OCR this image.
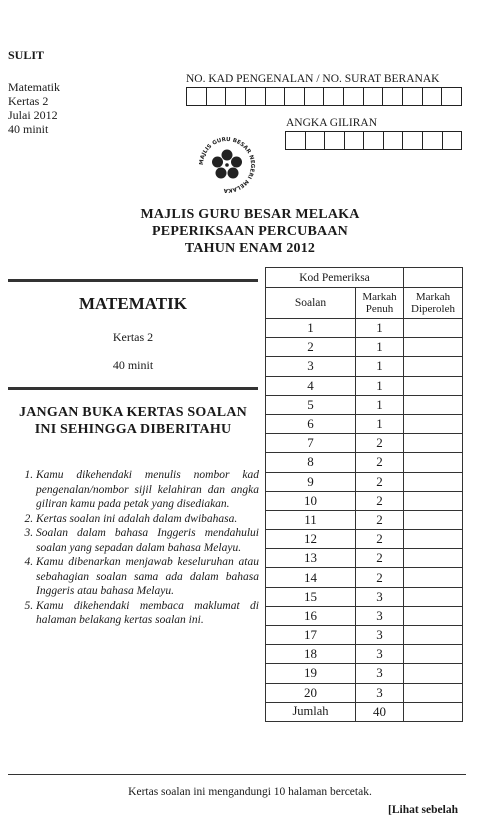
SULIT
Matematik
Kertas 2
Julai 2012
40 minit
NO. KAD PENGENALAN / NO. SURAT BERANAK
ANGKA GILIRAN
MAJLIS GURU BESAR NEGERI MELAKA
MAJLIS GURU BESAR MELAKA
PEPERIKSAAN PERCUBAAN
TAHUN ENAM 2012
MATEMATIK
Kertas 2
40 minit
JANGAN BUKA KERTAS SOALAN
INI SEHINGGA DIBERITAHU
1. Kamu dikehendaki menulis nombor kad pengenalan/nombor sijil kelahiran dan angka giliran kamu pada petak yang disediakan.
2. Kertas soalan ini adalah dalam dwibahasa.
3. Soalan dalam bahasa Inggeris mendahului soalan yang sepadan dalam bahasa Melayu.
4. Kamu dibenarkan menjawab keseluruhan atau sebahagian soalan sama ada dalam bahasa Inggeris atau bahasa Melayu.
5. Kamu dikehendaki membaca maklumat di halaman belakang kertas soalan ini.
Kod Pemeriksa		
Soalan	Markah Penuh	Markah Diperoleh
1	1	
2	1	
3	1	
4	1	
5	1	
6	1	
7	2	
8	2	
9	2	
10	2	
11	2	
12	2	
13	2	
14	2	
15	3	
16	3	
17	3	
18	3	
19	3	
20	3	
Jumlah	40	
Kertas soalan ini mengandungi 10 halaman bercetak.
[Lihat sebelah
